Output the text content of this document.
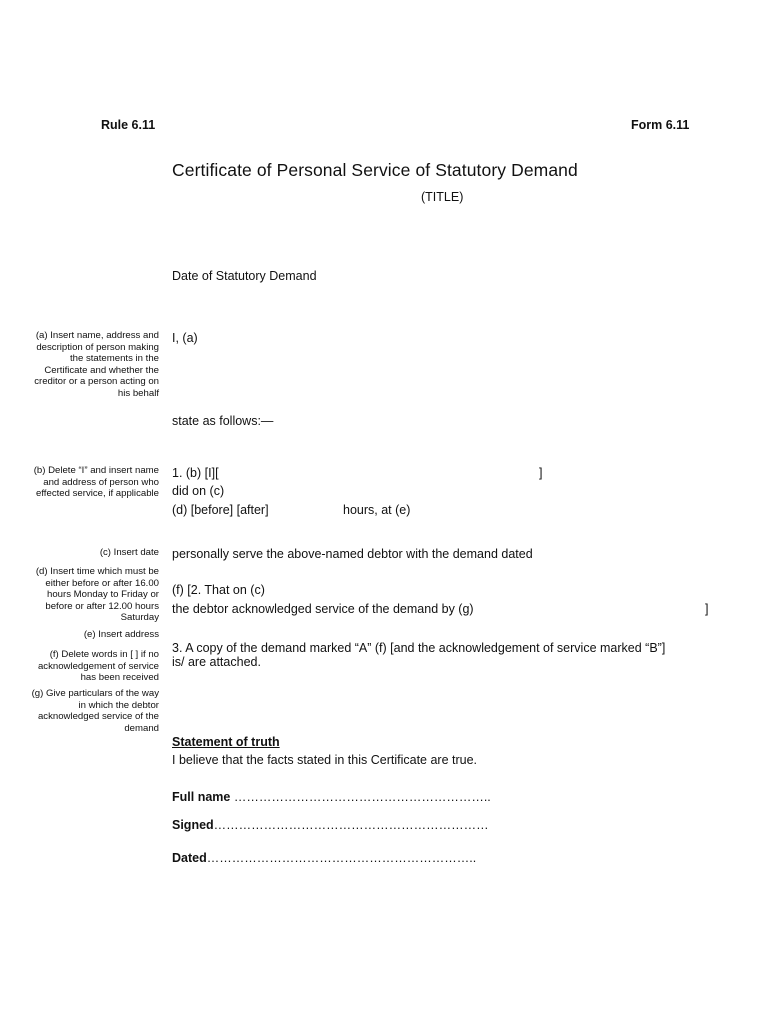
Rule 6.11	Form 6.11
Certificate of Personal Service of Statutory Demand
(TITLE)
Date of Statutory Demand
(a) Insert name, address and description of person making the statements in the Certificate and whether the creditor or a person acting on his behalf
(b) Delete “I” and insert name and address of person who effected service, if applicable
(c) Insert date
(d) Insert time which must be either before or after 16.00 hours Monday to Friday or before or after 12.00 hours Saturday
(e) Insert address
(f) Delete words in [ ] if no acknowledgement of service has been received
(g) Give particulars of the way in which the debtor acknowledged service of the demand
I, (a)
state as follows:—
1. (b) [I][	]
did on (c)
(d) [before] [after]	hours, at (e)
personally serve the above-named debtor with the demand dated
(f) [2. That on (c)
the debtor acknowledged service of the demand by (g)	]
3. A copy of the demand marked “A” (f) [and the acknowledgement of service marked “B”]
is/ are attached.
Statement of truth
I believe that the facts stated in this Certificate are true.
Full name ……………………………………………………..
Signed…………………………………………………………
Dated………………………………………………………..
